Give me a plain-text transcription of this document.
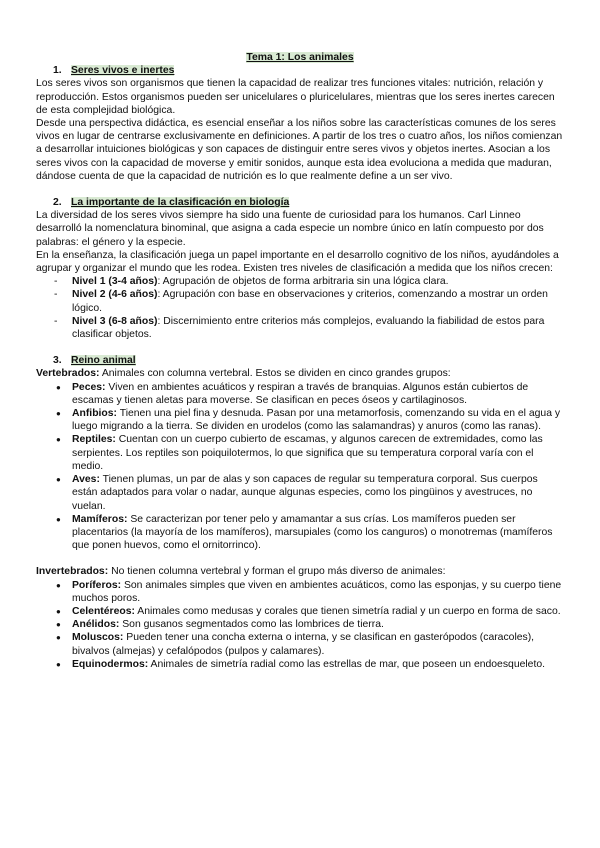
Tema 1: Los animales

1. Seres vivos e inertes

Los seres vivos son organismos que tienen la capacidad de realizar tres funciones vitales: nutrición, relación y reproducción. Estos organismos pueden ser unicelulares o pluricelulares, mientras que los seres inertes carecen de esta complejidad biológica.

Desde una perspectiva didáctica, es esencial enseñar a los niños sobre las características comunes de los seres vivos en lugar de centrarse exclusivamente en definiciones. A partir de los tres o cuatro años, los niños comienzan a desarrollar intuiciones biológicas y son capaces de distinguir entre seres vivos y objetos inertes. Asocian a los seres vivos con la capacidad de moverse y emitir sonidos, aunque esta idea evoluciona a medida que maduran, dándose cuenta de que la capacidad de nutrición es lo que realmente define a un ser vivo.

2. La importante de la clasificación en biología

La diversidad de los seres vivos siempre ha sido una fuente de curiosidad para los humanos. Carl Linneo desarrolló la nomenclatura binominal, que asigna a cada especie un nombre único en latín compuesto por dos palabras: el género y la especie.

En la enseñanza, la clasificación juega un papel importante en el desarrollo cognitivo de los niños, ayudándoles a agrupar y organizar el mundo que les rodea. Existen tres niveles de clasificación a medida que los niños crecen:

- Nivel 1 (3-4 años): Agrupación de objetos de forma arbitraria sin una lógica clara.
- Nivel 2 (4-6 años): Agrupación con base en observaciones y criterios, comenzando a mostrar un orden lógico.
- Nivel 3 (6-8 años): Discernimiento entre criterios más complejos, evaluando la fiabilidad de estos para clasificar objetos.
3. Reino animal

Vertebrados: Animales con columna vertebral. Estos se dividen en cinco grandes grupos:

● Peces: Viven en ambientes acuáticos y respiran a través de branquias. Algunos están cubiertos de escamas y tienen aletas para moverse. Se clasifican en peces óseos y cartilaginosos.
● Anfibios: Tienen una piel fina y desnuda. Pasan por una metamorfosis, comenzando su vida en el agua y luego migrando a la tierra. Se dividen en urodelos (como las salamandras) y anuros (como las ranas).
● Reptiles: Cuentan con un cuerpo cubierto de escamas, y algunos carecen de extremidades, como las serpientes. Los reptiles son poiquilotermos, lo que significa que su temperatura corporal varía con el medio.
● Aves: Tienen plumas, un par de alas y son capaces de regular su temperatura corporal. Sus cuerpos están adaptados para volar o nadar, aunque algunas especies, como los pingüinos y avestruces, no vuelan.
● Mamíferos: Se caracterizan por tener pelo y amamantar a sus crías. Los mamíferos pueden ser placentarios (la mayoría de los mamíferos), marsupiales (como los canguros) o monotremas (mamíferos que ponen huevos, como el ornitorrinco).

Invertebrados: No tienen columna vertebral y forman el grupo más diverso de animales:

● Poríferos: Son animales simples que viven en ambientes acuáticos, como las esponjas, y su cuerpo tiene muchos poros.
● Celentéreos: Animales como medusas y corales que tienen simetría radial y un cuerpo en forma de saco.
● Anélidos: Son gusanos segmentados como las lombrices de tierra.
● Moluscos: Pueden tener una concha externa o interna, y se clasifican en gasterópodos (caracoles), bivalvos (almejas) y cefalópodos (pulpos y calamares).
● Equinodermos: Animales de simetría radial como las estrellas de mar, que poseen un endoesqueleto.
